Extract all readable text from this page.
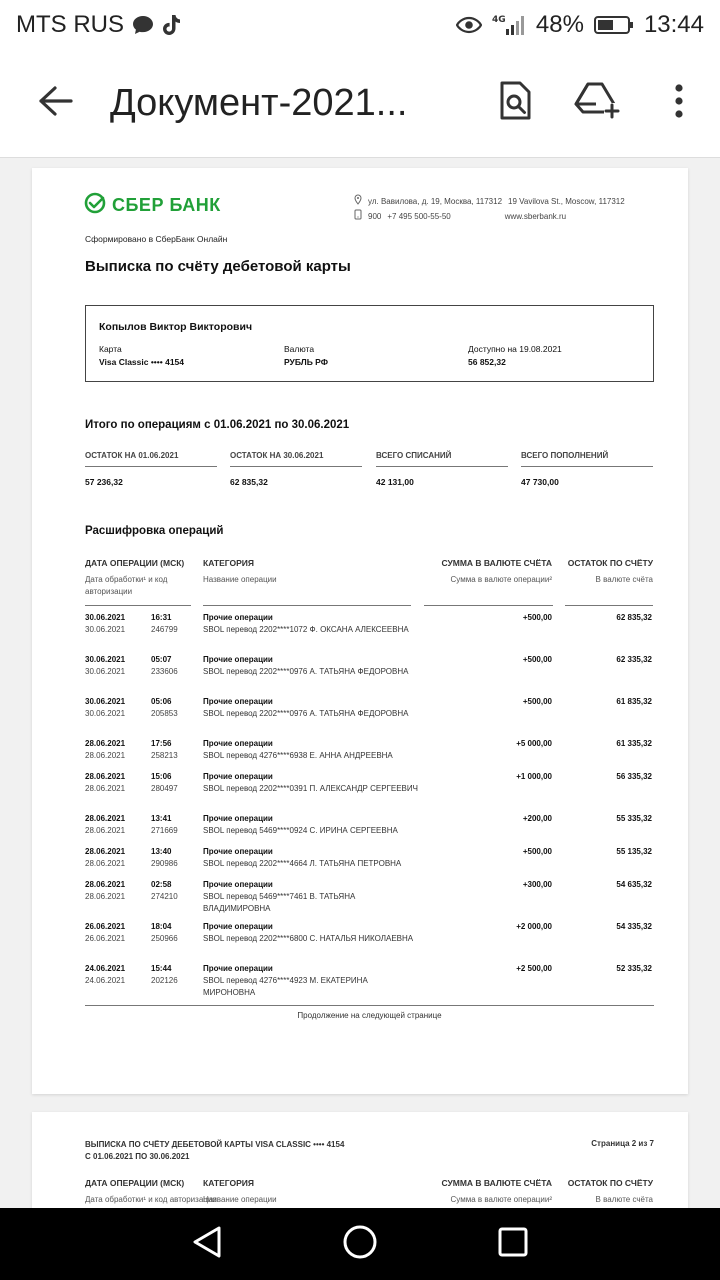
MTS RUS	4G 48%	13:44
Документ-2021...
СБЕР БАНК	ул. Вавилова, д. 19, Москва, 117312 19 Vavilova St., Moscow, 117312
900 +7 495 500-55-50	www.sberbank.ru
Сформировано в СберБанк Онлайн
Выписка по счёту дебетовой карты
Копылов Виктор Викторович
Карта
Visa Classic •••• 4154
Валюта
РУБЛЬ РФ
Доступно на 19.08.2021
56 852,32
Итого по операциям с 01.06.2021 по 30.06.2021
ОСТАТОК НА 01.06.2021
57 236,32
ОСТАТОК НА 30.06.2021
62 835,32
ВСЕГО СПИСАНИЙ
42 131,00
ВСЕГО ПОПОЛНЕНИЙ
47 730,00
Расшифровка операций
ДАТА ОПЕРАЦИИ (МСК)
Дата обработки¹ и код авторизации
КАТЕГОРИЯ
Название операции
СУММА В ВАЛЮТЕ СЧЁТА
Сумма в валюте операции²
ОСТАТОК ПО СЧЁТУ
В валюте счёта
30.06.2021	16:31	Прочие операции	+500,00	62 835,32
30.06.2021	246799	SBOL перевод 2202****1072 Ф. ОКСАНА АЛЕКСЕЕВНА
30.06.2021	05:07	Прочие операции	+500,00	62 335,32
30.06.2021	233606	SBOL перевод 2202****0976 А. ТАТЬЯНА ФЕДОРОВНА
30.06.2021	05:06	Прочие операции	+500,00	61 835,32
30.06.2021	205853	SBOL перевод 2202****0976 А. ТАТЬЯНА ФЕДОРОВНА
28.06.2021	17:56	Прочие операции	+5 000,00	61 335,32
28.06.2021	258213	SBOL перевод 4276****6938 Е. АННА АНДРЕЕВНА
28.06.2021	15:06	Прочие операции	+1 000,00	56 335,32
28.06.2021	280497	SBOL перевод 2202****0391 П. АЛЕКСАНДР СЕРГЕЕВИЧ
28.06.2021	13:41	Прочие операции	+200,00	55 335,32
28.06.2021	271669	SBOL перевод 5469****0924 С. ИРИНА СЕРГЕЕВНА
28.06.2021	13:40	Прочие операции	+500,00	55 135,32
28.06.2021	290986	SBOL перевод 2202****4664 Л. ТАТЬЯНА ПЕТРОВНА
28.06.2021	02:58	Прочие операции	+300,00	54 635,32
28.06.2021	274210	SBOL перевод 5469****7461 В. ТАТЬЯНА ВЛАДИМИРОВНА
26.06.2021	18:04	Прочие операции	+2 000,00	54 335,32
26.06.2021	250966	SBOL перевод 2202****6800 С. НАТАЛЬЯ НИКОЛАЕВНА
24.06.2021	15:44	Прочие операции	+2 500,00	52 335,32
24.06.2021	202126	SBOL перевод 4276****4923 М. ЕКАТЕРИНА МИРОНОВНА
Продолжение на следующей странице
ВЫПИСКА ПО СЧЁТУ ДЕБЕТОВОЙ КАРТЫ VISA CLASSIC •••• 4154
С 01.06.2021 ПО 30.06.2021
Страница 2 из 7
ДАТА ОПЕРАЦИИ (МСК)
Дата обработки¹ и код авторизации
КАТЕГОРИЯ
Название операции
СУММА В ВАЛЮТЕ СЧЁТА
Сумма в валюте операции²
ОСТАТОК ПО СЧЁТУ
В валюте счёта
